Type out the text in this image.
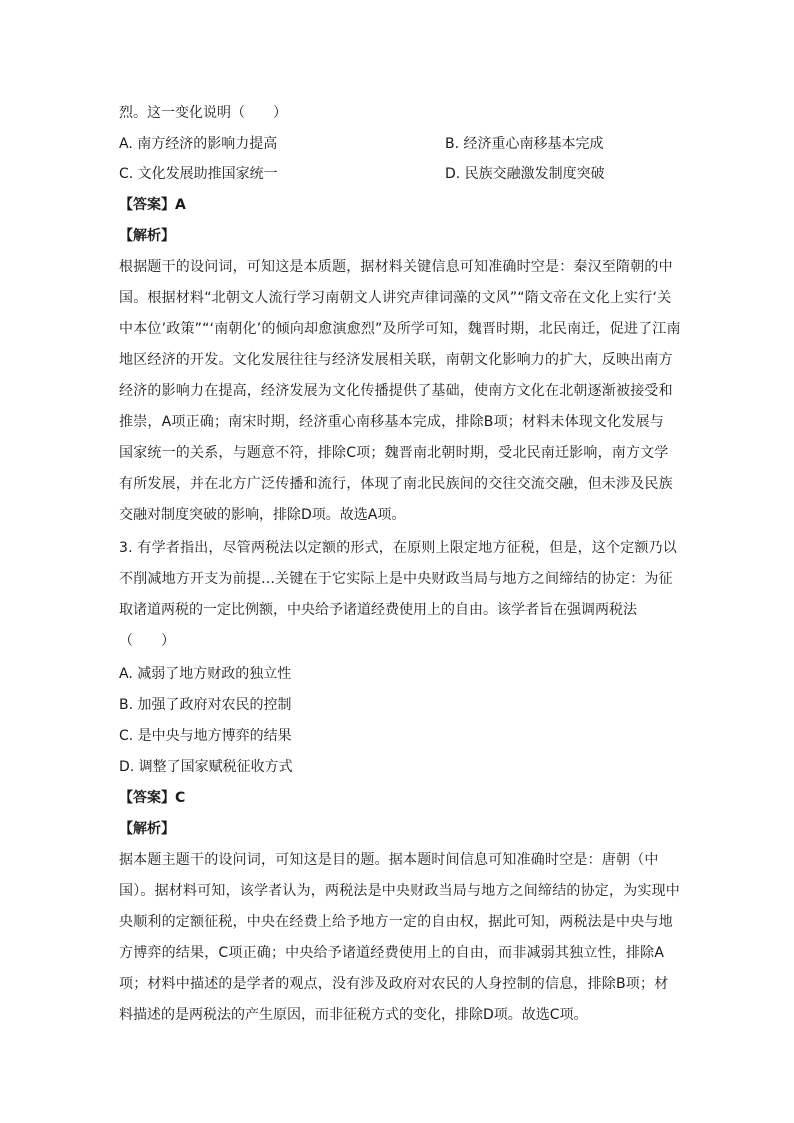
烈。这一变化说明（　　）
A. 南方经济的影响力提高	B. 经济重心南移基本完成
C. 文化发展助推国家统一	D. 民族交融激发制度突破
【答案】A
【解析】
根据题干的设问词，可知这是本质题，据材料关键信息可知准确时空是：秦汉至隋朝的中
国。根据材料“北朝文人流行学习南朝文人讲究声律词藻的文风”“隋文帝在文化上实行‘关
中本位’政策”“‘南朝化’的倾向却愈演愈烈”及所学可知，魏晋时期，北民南迁，促进了江南
地区经济的开发。文化发展往往与经济发展相关联，南朝文化影响力的扩大，反映出南方
经济的影响力在提高，经济发展为文化传播提供了基础，使南方文化在北朝逐渐被接受和
推崇，A项正确；南宋时期，经济重心南移基本完成，排除B项；材料未体现文化发展与
国家统一的关系，与题意不符，排除C项；魏晋南北朝时期，受北民南迁影响，南方文学
有所发展，并在北方广泛传播和流行，体现了南北民族间的交往交流交融，但未涉及民族
交融对制度突破的影响，排除D项。故选A项。
3. 有学者指出，尽管两税法以定额的形式，在原则上限定地方征税，但是，这个定额乃以
不削减地方开支为前提…关键在于它实际上是中央财政当局与地方之间缔结的协定：为征
取诸道两税的一定比例额，中央给予诸道经费使用上的自由。该学者旨在强调两税法
（　　）
A. 减弱了地方财政的独立性
B. 加强了政府对农民的控制
C. 是中央与地方博弈的结果
D. 调整了国家赋税征收方式
【答案】C
【解析】
据本题主题干的设问词，可知这是目的题。据本题时间信息可知准确时空是：唐朝（中
国）。据材料可知，该学者认为，两税法是中央财政当局与地方之间缔结的协定，为实现中
央顺利的定额征税，中央在经费上给予地方一定的自由权，据此可知，两税法是中央与地
方博弈的结果，C项正确；中央给予诸道经费使用上的自由，而非减弱其独立性，排除A
项；材料中描述的是学者的观点，没有涉及政府对农民的人身控制的信息，排除B项；材
料描述的是两税法的产生原因，而非征税方式的变化，排除D项。故选C项。
